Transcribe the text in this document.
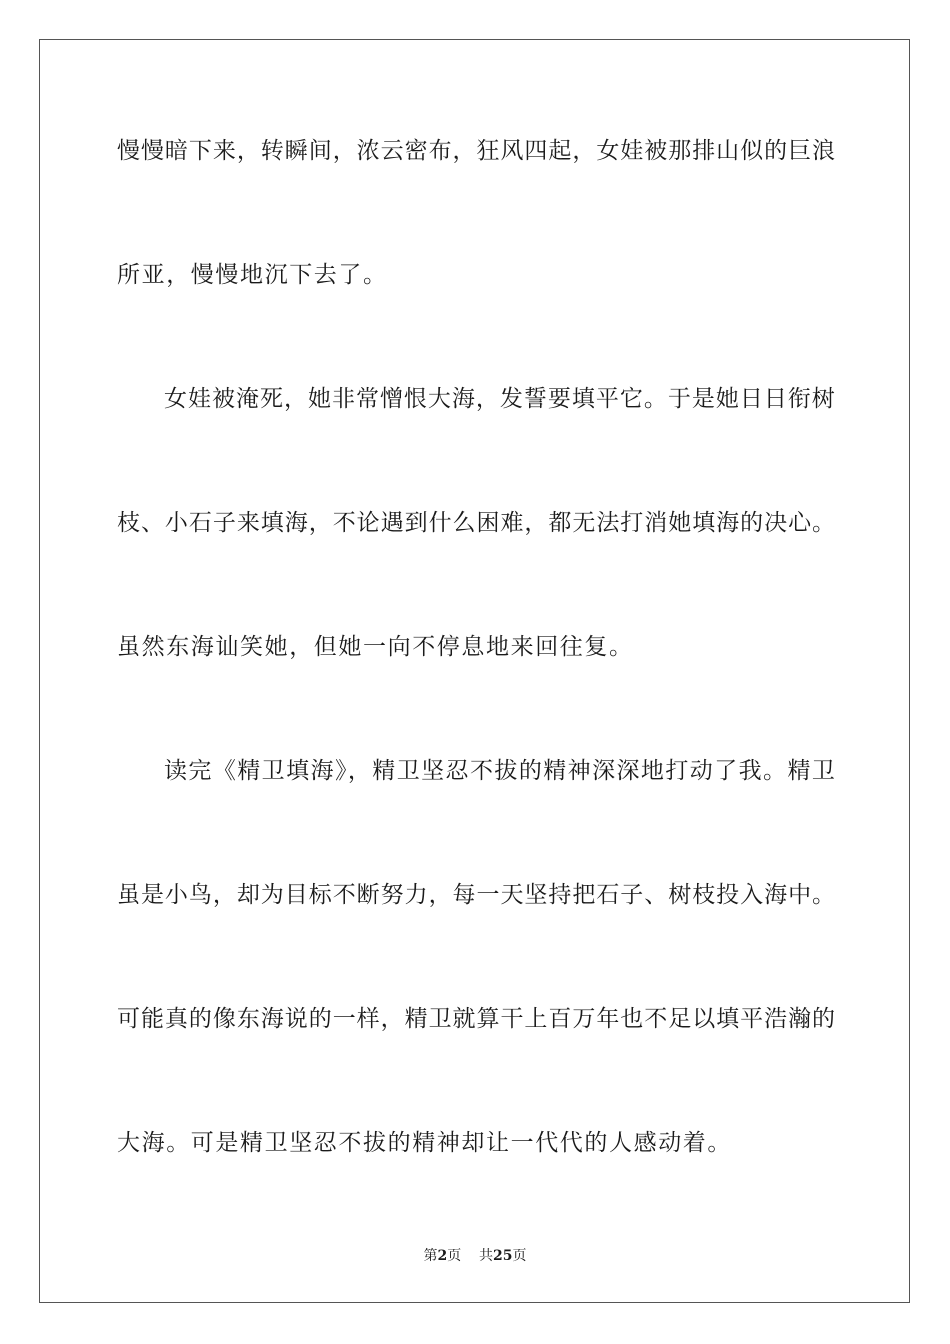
慢慢暗下来，转瞬间，浓云密布，狂风四起，女娃被那排山似的巨浪

所亚，慢慢地沉下去了。

女娃被淹死，她非常憎恨大海，发誓要填平它。于是她日日衔树

枝、小石子来填海，不论遇到什么困难，都无法打消她填海的决心。

虽然东海讪笑她，但她一向不停息地来回往复。

读完《精卫填海》，精卫坚忍不拔的精神深深地打动了我。精卫

虽是小鸟，却为目标不断努力，每一天坚持把石子、树枝投入海中。

可能真的像东海说的一样，精卫就算干上百万年也不足以填平浩瀚的

大海。可是精卫坚忍不拔的精神却让一代代的人感动着。

第2页    共25页
